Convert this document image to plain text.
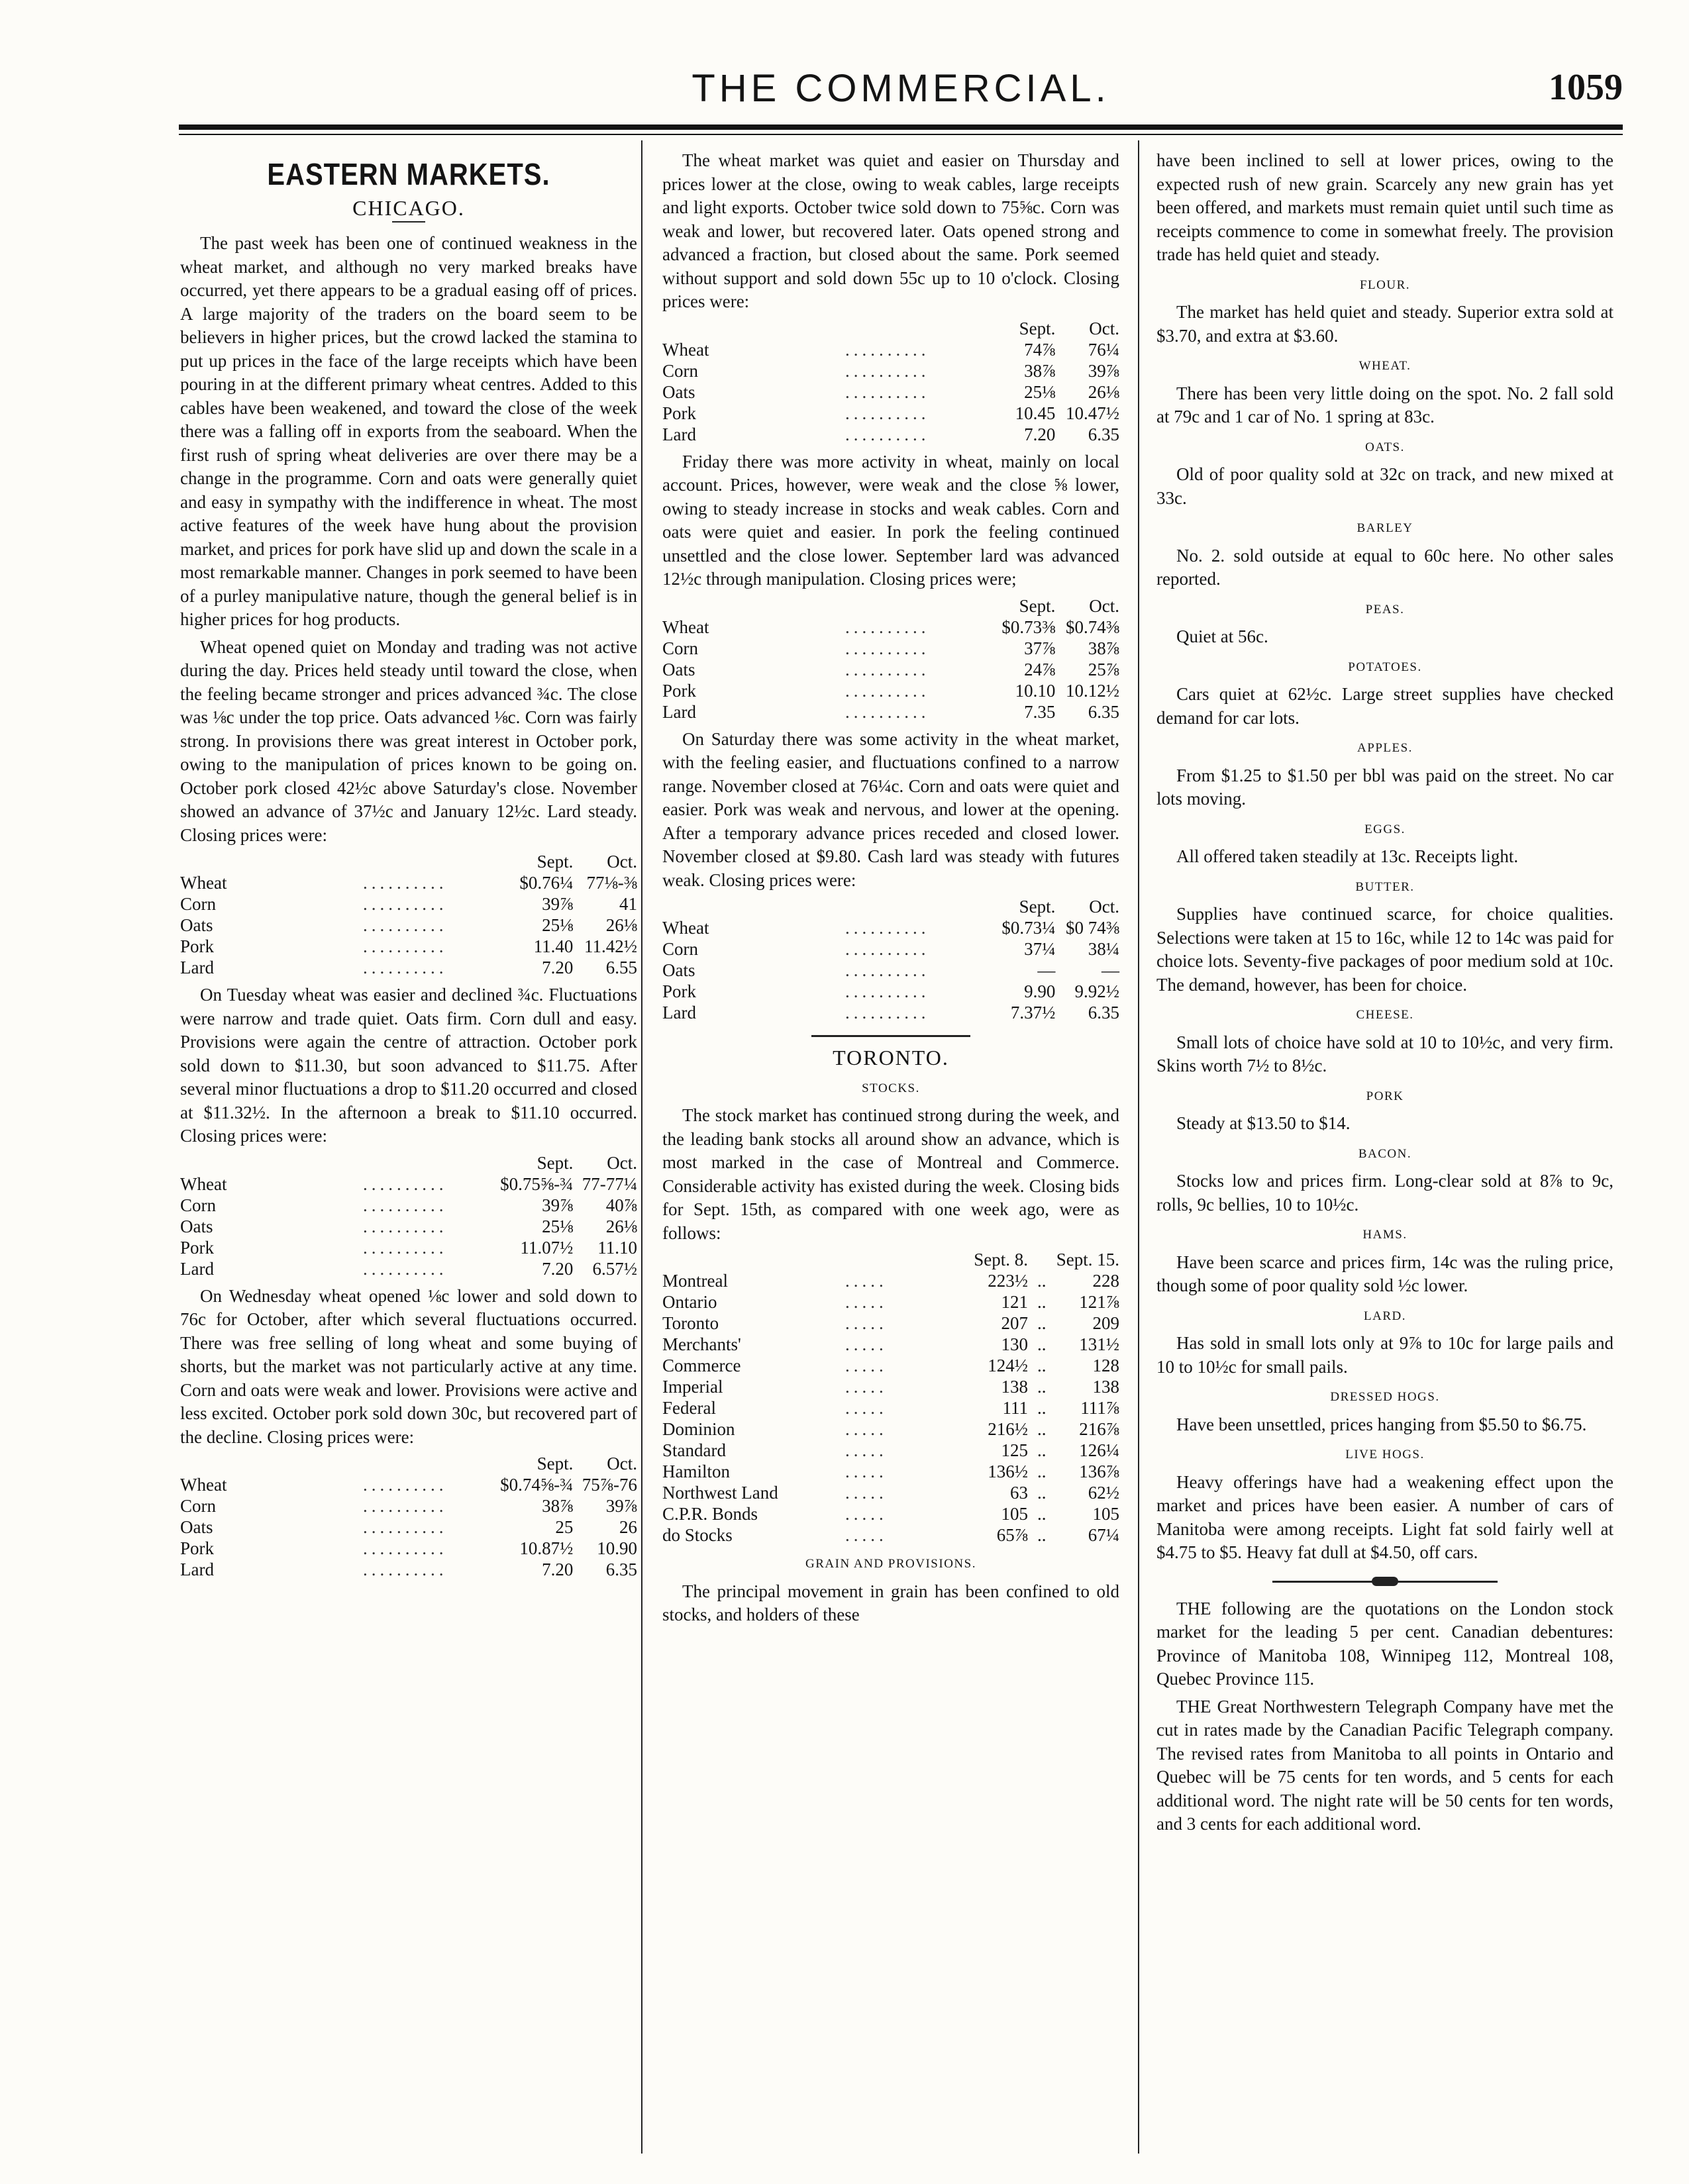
THE COMMERCIAL.	1059
EASTERN MARKETS.
CHICAGO.

The past week has been one of continued weakness in the wheat market, and although no very marked breaks have occurred, yet there appears to be a gradual easing off of prices. A large majority of the traders on the board seem to be believers in higher prices, but the crowd lacked the stamina to put up prices in the face of the large receipts which have been pouring in at the different primary wheat centres. Added to this cables have been weakened, and toward the close of the week there was a falling off in exports from the seaboard. When the first rush of spring wheat deliveries are over there may be a change in the programme. Corn and oats were generally quiet and easy in sympathy with the indifference in wheat. The most active features of the week have hung about the provision market, and prices for pork have slid up and down the scale in a most remarkable manner. Changes in pork seemed to have been of a purley manipulative nature, though the general belief is in higher prices for hog products.

Wheat opened quiet on Monday and trading was not active during the day. Prices held steady until toward the close, when the feeling became stronger and prices advanced ¾c. The close was ⅛c under the top price. Oats advanced ⅛c. Corn was fairly strong. In provisions there was great interest in October pork, owing to the manipulation of prices known to be going on. October pork closed 42½c above Saturday's close. November showed an advance of 37½c and January 12½c. Lard steady. Closing prices were:

		Sept.	Oct.
Wheat	..........	$0.76¼	77⅛-⅜
Corn	..........	39⅞	41
Oats	..........	25⅛	26⅛
Pork	..........	11.40	11.42½
Lard	..........	7.20	6.55

On Tuesday wheat was easier and declined ¾c. Fluctuations were narrow and trade quiet. Oats firm. Corn dull and easy. Provisions were again the centre of attraction. October pork sold down to $11.30, but soon advanced to $11.75. After several minor fluctuations a drop to $11.20 occurred and closed at $11.32½. In the afternoon a break to $11.10 occurred. Closing prices were:

		Sept.	Oct.
Wheat	..........	$0.75⅝-¾	77-77¼
Corn	..........	39⅞	40⅞
Oats	..........	25⅛	26⅛
Pork	..........	11.07½	11.10
Lard	..........	7.20	6.57½

On Wednesday wheat opened ⅛c lower and sold down to 76c for October, after which several fluctuations occurred. There was free selling of long wheat and some buying of shorts, but the market was not particularly active at any time. Corn and oats were weak and lower. Provisions were active and less excited. October pork sold down 30c, but recovered part of the decline. Closing prices were:

		Sept.	Oct.
Wheat	..........	$0.74⅝-¾	75⅞-76
Corn	..........	38⅞	39⅞
Oats	..........	25	26
Pork	..........	10.87½	10.90
Lard	..........	7.20	6.35

The wheat market was quiet and easier on Thursday and prices lower at the close, owing to weak cables, large receipts and light exports. October twice sold down to 75⅝c. Corn was weak and lower, but recovered later. Oats opened strong and advanced a fraction, but closed about the same. Pork seemed without support and sold down 55c up to 10 o'clock. Closing prices were:

		Sept.	Oct.
Wheat	..........	74⅞	76¼
Corn	..........	38⅞	39⅞
Oats	..........	25⅛	26⅛
Pork	..........	10.45	10.47½
Lard	..........	7.20	6.35

Friday there was more activity in wheat, mainly on local account. Prices, however, were weak and the close ⅝ lower, owing to steady increase in stocks and weak cables. Corn and oats were quiet and easier. In pork the feeling continued unsettled and the close lower. September lard was advanced 12½c through manipulation. Closing prices were;

		Sept.	Oct.
Wheat	..........	$0.73⅜	$0.74⅜
Corn	..........	37⅞	38⅞
Oats	..........	24⅞	25⅞
Pork	..........	10.10	10.12½
Lard	..........	7.35	6.35

On Saturday there was some activity in the wheat market, with the feeling easier, and fluctuations confined to a narrow range. November closed at 76¼c. Corn and oats were quiet and easier. Pork was weak and nervous, and lower at the opening. After a temporary advance prices receded and closed lower. November closed at $9.80. Cash lard was steady with futures weak. Closing prices were:

		Sept.	Oct.
Wheat	..........	$0.73¼	$0 74⅜
Corn	..........	37¼	38¼
Oats	..........	—	—
Pork	..........	9.90	9.92½
Lard	..........	7.37½	6.35
TORONTO.
STOCKS.

The stock market has continued strong during the week, and the leading bank stocks all around show an advance, which is most marked in the case of Montreal and Commerce. Considerable activity has existed during the week. Closing bids for Sept. 15th, as compared with one week ago, were as follows:

		Sept. 8.		Sept. 15.
Montreal	.....	223½	..	228
Ontario	.....	121	..	121⅞
Toronto	.....	207	..	209
Merchants'	.....	130	..	131½
Commerce	.....	124½	..	128
Imperial	.....	138	..	138
Federal	.....	111	..	111⅞
Dominion	.....	216½	..	216⅞
Standard	.....	125	..	126¼
Hamilton	.....	136½	..	136⅞
Northwest Land	.....	63	..	62½
C.P.R. Bonds	.....	105	..	105
do Stocks	.....	65⅞	..	67¼
GRAIN AND PROVISIONS.

The principal movement in grain has been confined to old stocks, and holders of these

have been inclined to sell at lower prices, owing to the expected rush of new grain. Scarcely any new grain has yet been offered, and markets must remain quiet until such time as receipts commence to come in somewhat freely. The provision trade has held quiet and steady.

FLOUR.

The market has held quiet and steady. Superior extra sold at $3.70, and extra at $3.60.

WHEAT.

There has been very little doing on the spot. No. 2 fall sold at 79c and 1 car of No. 1 spring at 83c.

OATS.

Old of poor quality sold at 32c on track, and new mixed at 33c.

BARLEY

No. 2. sold outside at equal to 60c here. No other sales reported.

PEAS.

Quiet at 56c.

POTATOES.

Cars quiet at 62½c. Large street supplies have checked demand for car lots.

APPLES.

From $1.25 to $1.50 per bbl was paid on the street. No car lots moving.

EGGS.

All offered taken steadily at 13c. Receipts light.

BUTTER.

Supplies have continued scarce, for choice qualities. Selections were taken at 15 to 16c, while 12 to 14c was paid for choice lots. Seventy-five packages of poor medium sold at 10c. The demand, however, has been for choice.

CHEESE.

Small lots of choice have sold at 10 to 10½c, and very firm. Skins worth 7½ to 8½c.

PORK

Steady at $13.50 to $14.

BACON.

Stocks low and prices firm. Long-clear sold at 8⅞ to 9c, rolls, 9c bellies, 10 to 10½c.

HAMS.

Have been scarce and prices firm, 14c was the ruling price, though some of poor quality sold ½c lower.

LARD.

Has sold in small lots only at 9⅞ to 10c for large pails and 10 to 10½c for small pails.

DRESSED HOGS.

Have been unsettled, prices hanging from $5.50 to $6.75.

LIVE HOGS.

Heavy offerings have had a weakening effect upon the market and prices have been easier. A number of cars of Manitoba were among receipts. Light fat sold fairly well at $4.75 to $5. Heavy fat dull at $4.50, off cars.

THE following are the quotations on the London stock market for the leading 5 per cent. Canadian debentures: Province of Manitoba 108, Winnipeg 112, Montreal 108, Quebec Province 115.

THE Great Northwestern Telegraph Company have met the cut in rates made by the Canadian Pacific Telegraph company. The revised rates from Manitoba to all points in Ontario and Quebec will be 75 cents for ten words, and 5 cents for each additional word. The night rate will be 50 cents for ten words, and 3 cents for each additional word.
